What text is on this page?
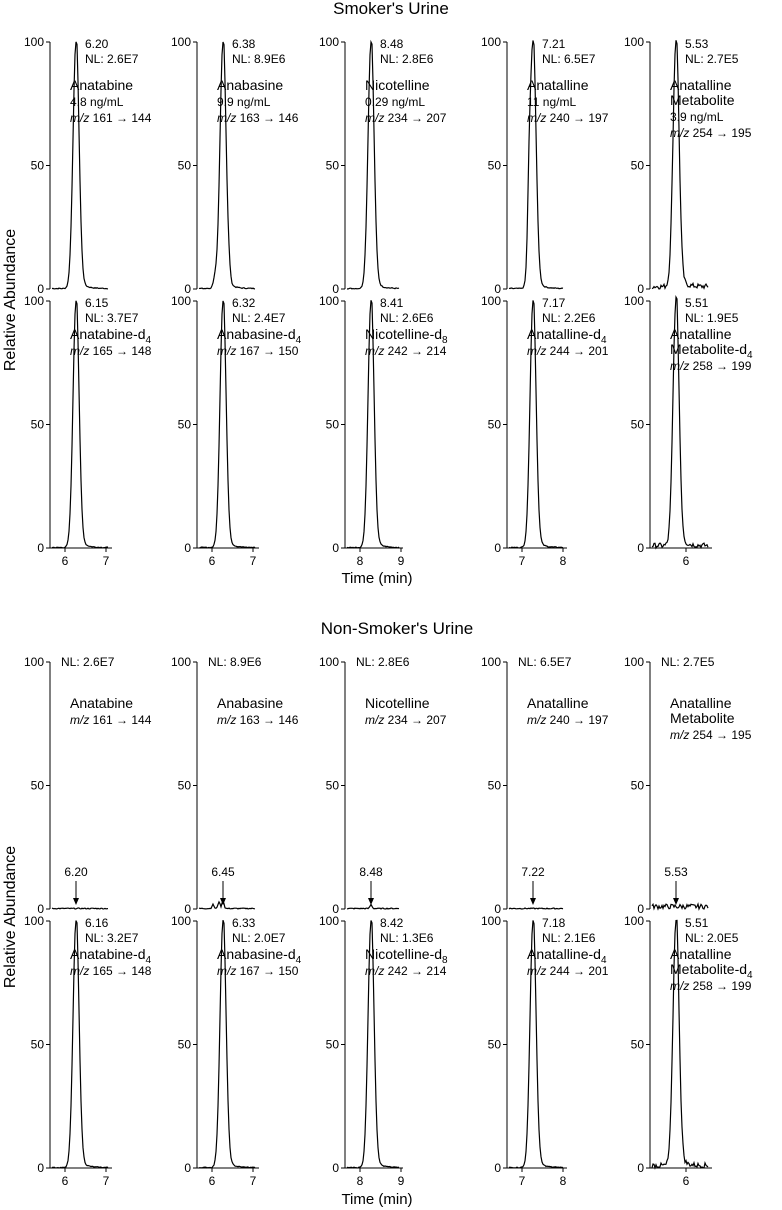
Smoker's Urine
Non-Smoker's Urine
Relative Abundance
Relative Abundance
Time (min)
Time (min)
100
50
0
6.20
NL: 2.6E7
Anatabine
4.8 ng/mL
m/z 161 → 144
100
50
0
6.38
NL: 8.9E6
Anabasine
9.9 ng/mL
m/z 163 → 146
100
50
0
8.48
NL: 2.8E6
Nicotelline
0.29 ng/mL
m/z 234 → 207
100
50
0
7.21
NL: 6.5E7
Anatalline
11 ng/mL
m/z 240 → 197
100
50
0
5.53
NL: 2.7E5
Anatalline
Metabolite
3.9 ng/mL
m/z 254 → 195
100
50
0
6	7
6.15
NL: 3.7E7
Anatabine-$d_4$
m/z 165 → 148
100
50
0
6	7
6.32
NL: 2.4E7
Anabasine-$d_4$
m/z 167 → 150
100
50
0
8	9
8.41
NL: 2.6E6
Nicotelline-$d_8$
m/z 242 → 214
100
50
0
7	8
7.17
NL: 2.2E6
Anatalline-$d_4$
m/z 244 → 201
100
50
0
6
5.51
NL: 1.9E5
Anatalline
Metabolite-$d_4$
m/z 258 → 199
100
50
0
NL: 2.6E7
6.20
Anatabine
m/z 161 → 144
100
50
0
NL: 8.9E6
6.45
Anabasine
m/z 163 → 146
100
50
0
NL: 2.8E6
8.48
Nicotelline
m/z 234 → 207
100
50
0
NL: 6.5E7
7.22
Anatalline
m/z 240 → 197
100
50
0
NL: 2.7E5
5.53
Anatalline
Metabolite
m/z 254 → 195
100
50
0
6	7
6.16
NL: 3.2E7
Anatabine-$d_4$
m/z 165 → 148
100
50
0
6	7
6.33
NL: 2.0E7
Anabasine-$d_4$
m/z 167 → 150
100
50
0
8	9
8.42
NL: 1.3E6
Nicotelline-$d_8$
m/z 242 → 214
100
50
0
7	8
7.18
NL: 2.1E6
Anatalline-$d_4$
m/z 244 → 201
100
50
0
6
5.51
NL: 2.0E5
Anatalline
Metabolite-$d_4$
m/z 258 → 199
